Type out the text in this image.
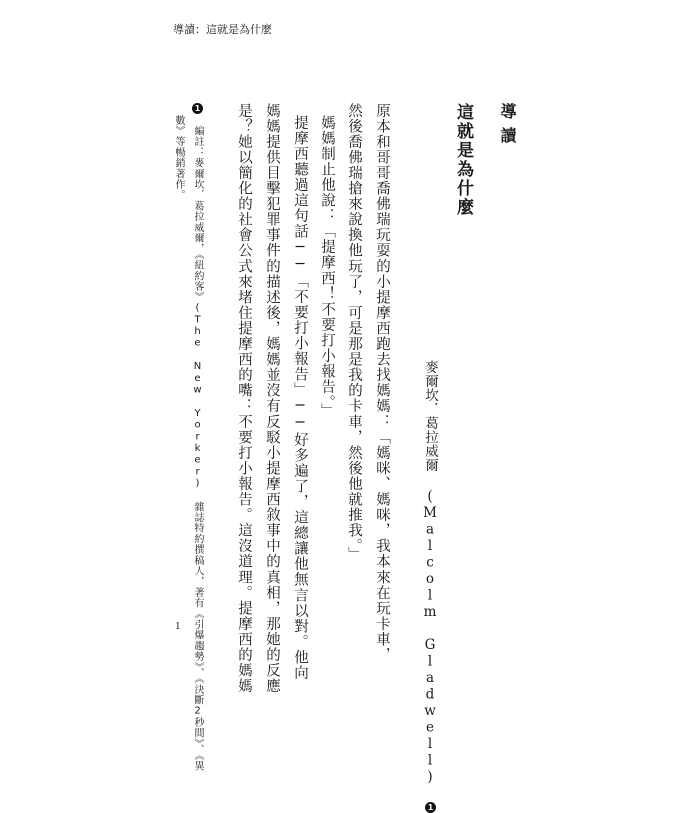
導讀：這就是為什麼
導讀
這就是為什麼
麥爾坎．葛拉威爾 (Malcolm Gladwell) 1
原本和哥哥喬佛瑞玩耍的小提摩西跑去找媽媽：「媽咪、媽咪，我本來在玩卡車，
然後喬佛瑞搶來說換他玩了，可是那是我的卡車，然後他就推我。」
媽媽制止他說：「提摩西！不要打小報告。」
提摩西聽過這句話──「不要打小報告」──好多遍了，這總讓他無言以對。他向
媽媽提供目擊犯罪事件的描述後，媽媽並沒有反駁小提摩西敘事中的真相，那她的反應
是？她以簡化的社會公式來堵住提摩西的嘴：不要打小報告。這沒道理。提摩西的媽媽
1 編註：麥爾坎．葛拉威爾，《紐約客》(The New Yorker) 雜誌特約撰稿人，著有《引爆趨勢》、《決斷2秒間》、《異
數》等暢銷著作。
1
